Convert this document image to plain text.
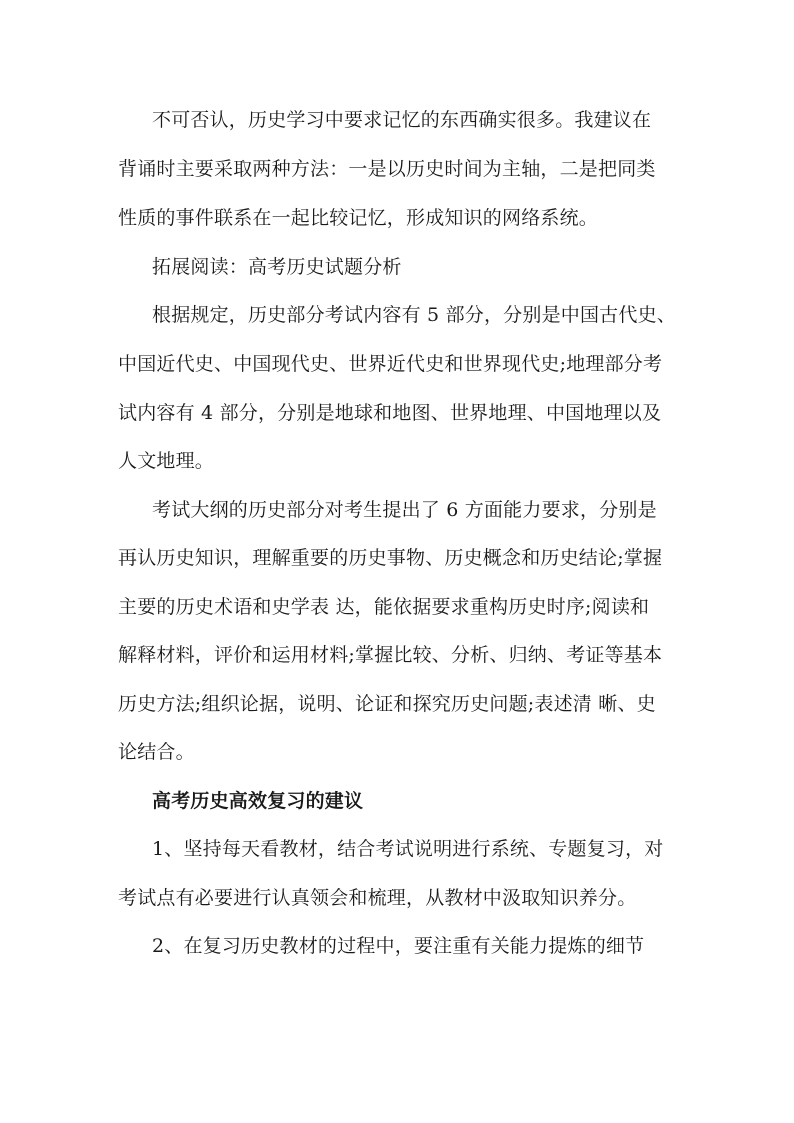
不可否认，历史学习中要求记忆的东西确实很多。我建议在
背诵时主要采取两种方法：一是以历史时间为主轴，二是把同类
性质的事件联系在一起比较记忆，形成知识的网络系统。
拓展阅读：高考历史试题分析
根据规定，历史部分考试内容有 5 部分，分别是中国古代史、
中国近代史、中国现代史、世界近代史和世界现代史;地理部分考
试内容有 4 部分，分别是地球和地图、世界地理、中国地理以及
人文地理。
考试大纲的历史部分对考生提出了 6 方面能力要求，分别是
再认历史知识，理解重要的历史事物、历史概念和历史结论;掌握
主要的历史术语和史学表 达，能依据要求重构历史时序;阅读和
解释材料，评价和运用材料;掌握比较、分析、归纳、考证等基本
历史方法;组织论据，说明、论证和探究历史问题;表述清 晰、史
论结合。
高考历史高效复习的建议
1、坚持每天看教材，结合考试说明进行系统、专题复习，对
考试点有必要进行认真领会和梳理，从教材中汲取知识养分。
2、在复习历史教材的过程中，要注重有关能力提炼的细节
